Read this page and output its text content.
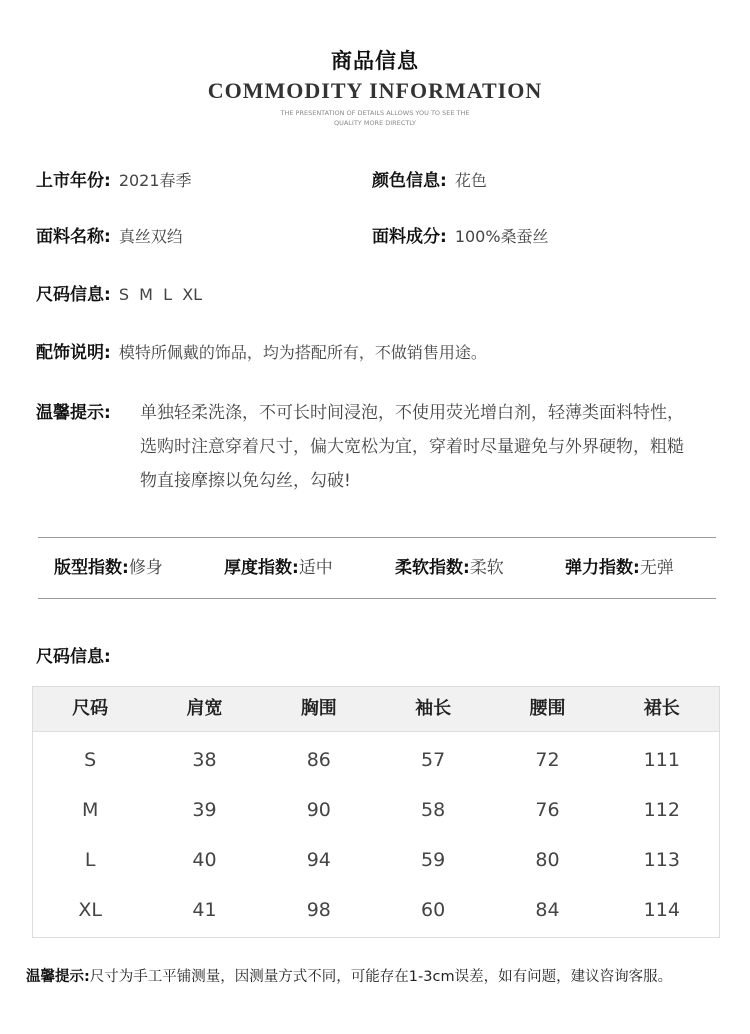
商品信息
COMMODITY INFORMATION
THE PRESENTATION OF DETAILS ALLOWS YOU TO SEE THE
QUALITY MORE DIRECTLY
上市年份: 2021春季	颜色信息: 花色
面料名称: 真丝双绉	面料成分: 100%桑蚕丝
尺码信息: S  M  L  XL
配饰说明: 模特所佩戴的饰品，均为搭配所有，不做销售用途。
温馨提示: 单独轻柔洗涤，不可长时间浸泡，不使用荧光增白剂，轻薄类面料特性，
选购时注意穿着尺寸，偏大宽松为宜，穿着时尽量避免与外界硬物，粗糙
物直接摩擦以免勾丝，勾破!
版型指数:修身	厚度指数:适中	柔软指数:柔软	弹力指数:无弹
尺码信息:
尺码	肩宽	胸围	袖长	腰围	裙长
S	38	86	57	72	111
M	39	90	58	76	112
L	40	94	59	80	113
XL	41	98	60	84	114
温馨提示:尺寸为手工平铺测量，因测量方式不同，可能存在1-3cm误差，如有问题，建议咨询客服。
